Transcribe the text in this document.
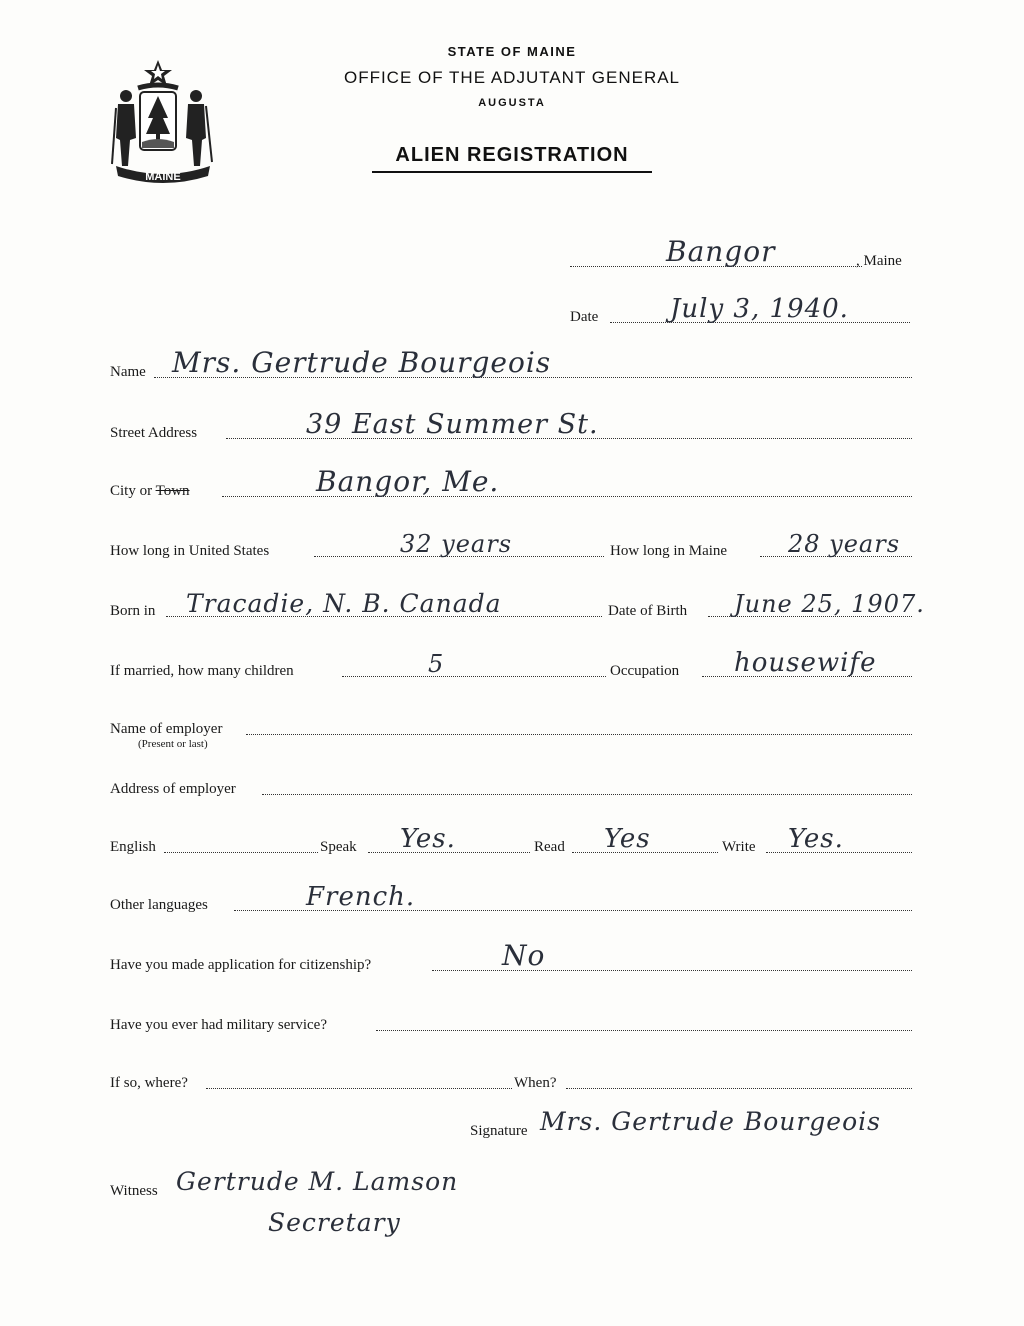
MAINE
STATE OF MAINE
OFFICE OF THE ADJUTANT GENERAL
AUGUSTA
ALIEN REGISTRATION
Bangor	, Maine
Date	July 3, 1940.
Name Mrs. Gertrude Bourgeois
Street Address	39 East Summer St.
City or Town	Bangor, Me.
How long in United States	32 years	How long in Maine	28 years
Born in Tracadie, N. B. Canada	Date of Birth June 25, 1907.
If married, how many children	5	Occupation housewife
Name of employer
(Present or last)
Address of employer
English	Speak Yes.	Read Yes	Write Yes.
Other languages	French.
Have you made application for citizenship?	No
Have you ever had military service?
If so, where?	When?
Signature Mrs. Gertrude Bourgeois
Witness Gertrude M. Lamson
Secretary
